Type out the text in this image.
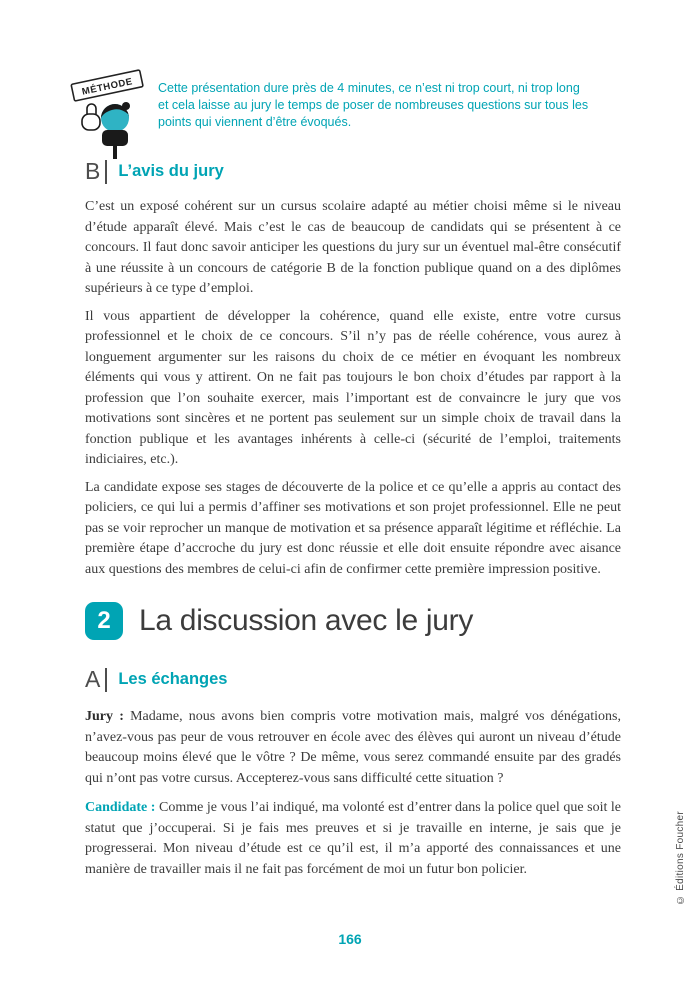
MÉTHODE Cette présentation dure près de 4 minutes, ce n’est ni trop court, ni trop long et cela laisse au jury le temps de poser de nombreuses questions sur tous les points qui viennent d’être évoqués.
B L’avis du jury

C’est un exposé cohérent sur un cursus scolaire adapté au métier choisi même si le niveau d’étude apparaît élevé. Mais c’est le cas de beaucoup de candidats qui se présentent à ce concours. Il faut donc savoir anticiper les questions du jury sur un éventuel mal-être consécutif à une réussite à un concours de catégorie B de la fonction publique quand on a des diplômes supérieurs à ce type d’emploi.

Il vous appartient de développer la cohérence, quand elle existe, entre votre cursus professionnel et le choix de ce concours. S’il n’y pas de réelle cohérence, vous aurez à longuement argumenter sur les raisons du choix de ce métier en évoquant les nombreux éléments qui vous y attirent. On ne fait pas toujours le bon choix d’études par rapport à la profession que l’on souhaite exercer, mais l’important est de convaincre le jury que vos motivations sont sincères et ne portent pas seulement sur un simple choix de travail dans la fonction publique et les avantages inhérents à celle-ci (sécurité de l’emploi, traitements indiciaires, etc.).

La candidate expose ses stages de découverte de la police et ce qu’elle a appris au contact des policiers, ce qui lui a permis d’affiner ses motivations et son projet professionnel. Elle ne peut pas se voir reprocher un manque de motivation et sa présence apparaît légitime et réfléchie. La première étape d’accroche du jury est donc réussie et elle doit ensuite répondre avec aisance aux questions des membres de celui-ci afin de confirmer cette première impression positive.

2 La discussion avec le jury
A Les échanges

Jury : Madame, nous avons bien compris votre motivation mais, malgré vos dénégations, n’avez-vous pas peur de vous retrouver en école avec des élèves qui auront un niveau d’étude beaucoup moins élevé que le vôtre ? De même, vous serez commandé ensuite par des gradés qui n’ont pas votre cursus. Accepterez-vous sans difficulté cette situation ?

Candidate : Comme je vous l’ai indiqué, ma volonté est d’entrer dans la police quel que soit le statut que j’occuperai. Si je fais mes preuves et si je travaille en interne, je sais que je progresserai. Mon niveau d’étude est ce qu’il est, il m’a apporté des connaissances et une manière de travailler mais il ne fait pas forcément de moi un futur bon policier.

166
© Éditions Foucher
